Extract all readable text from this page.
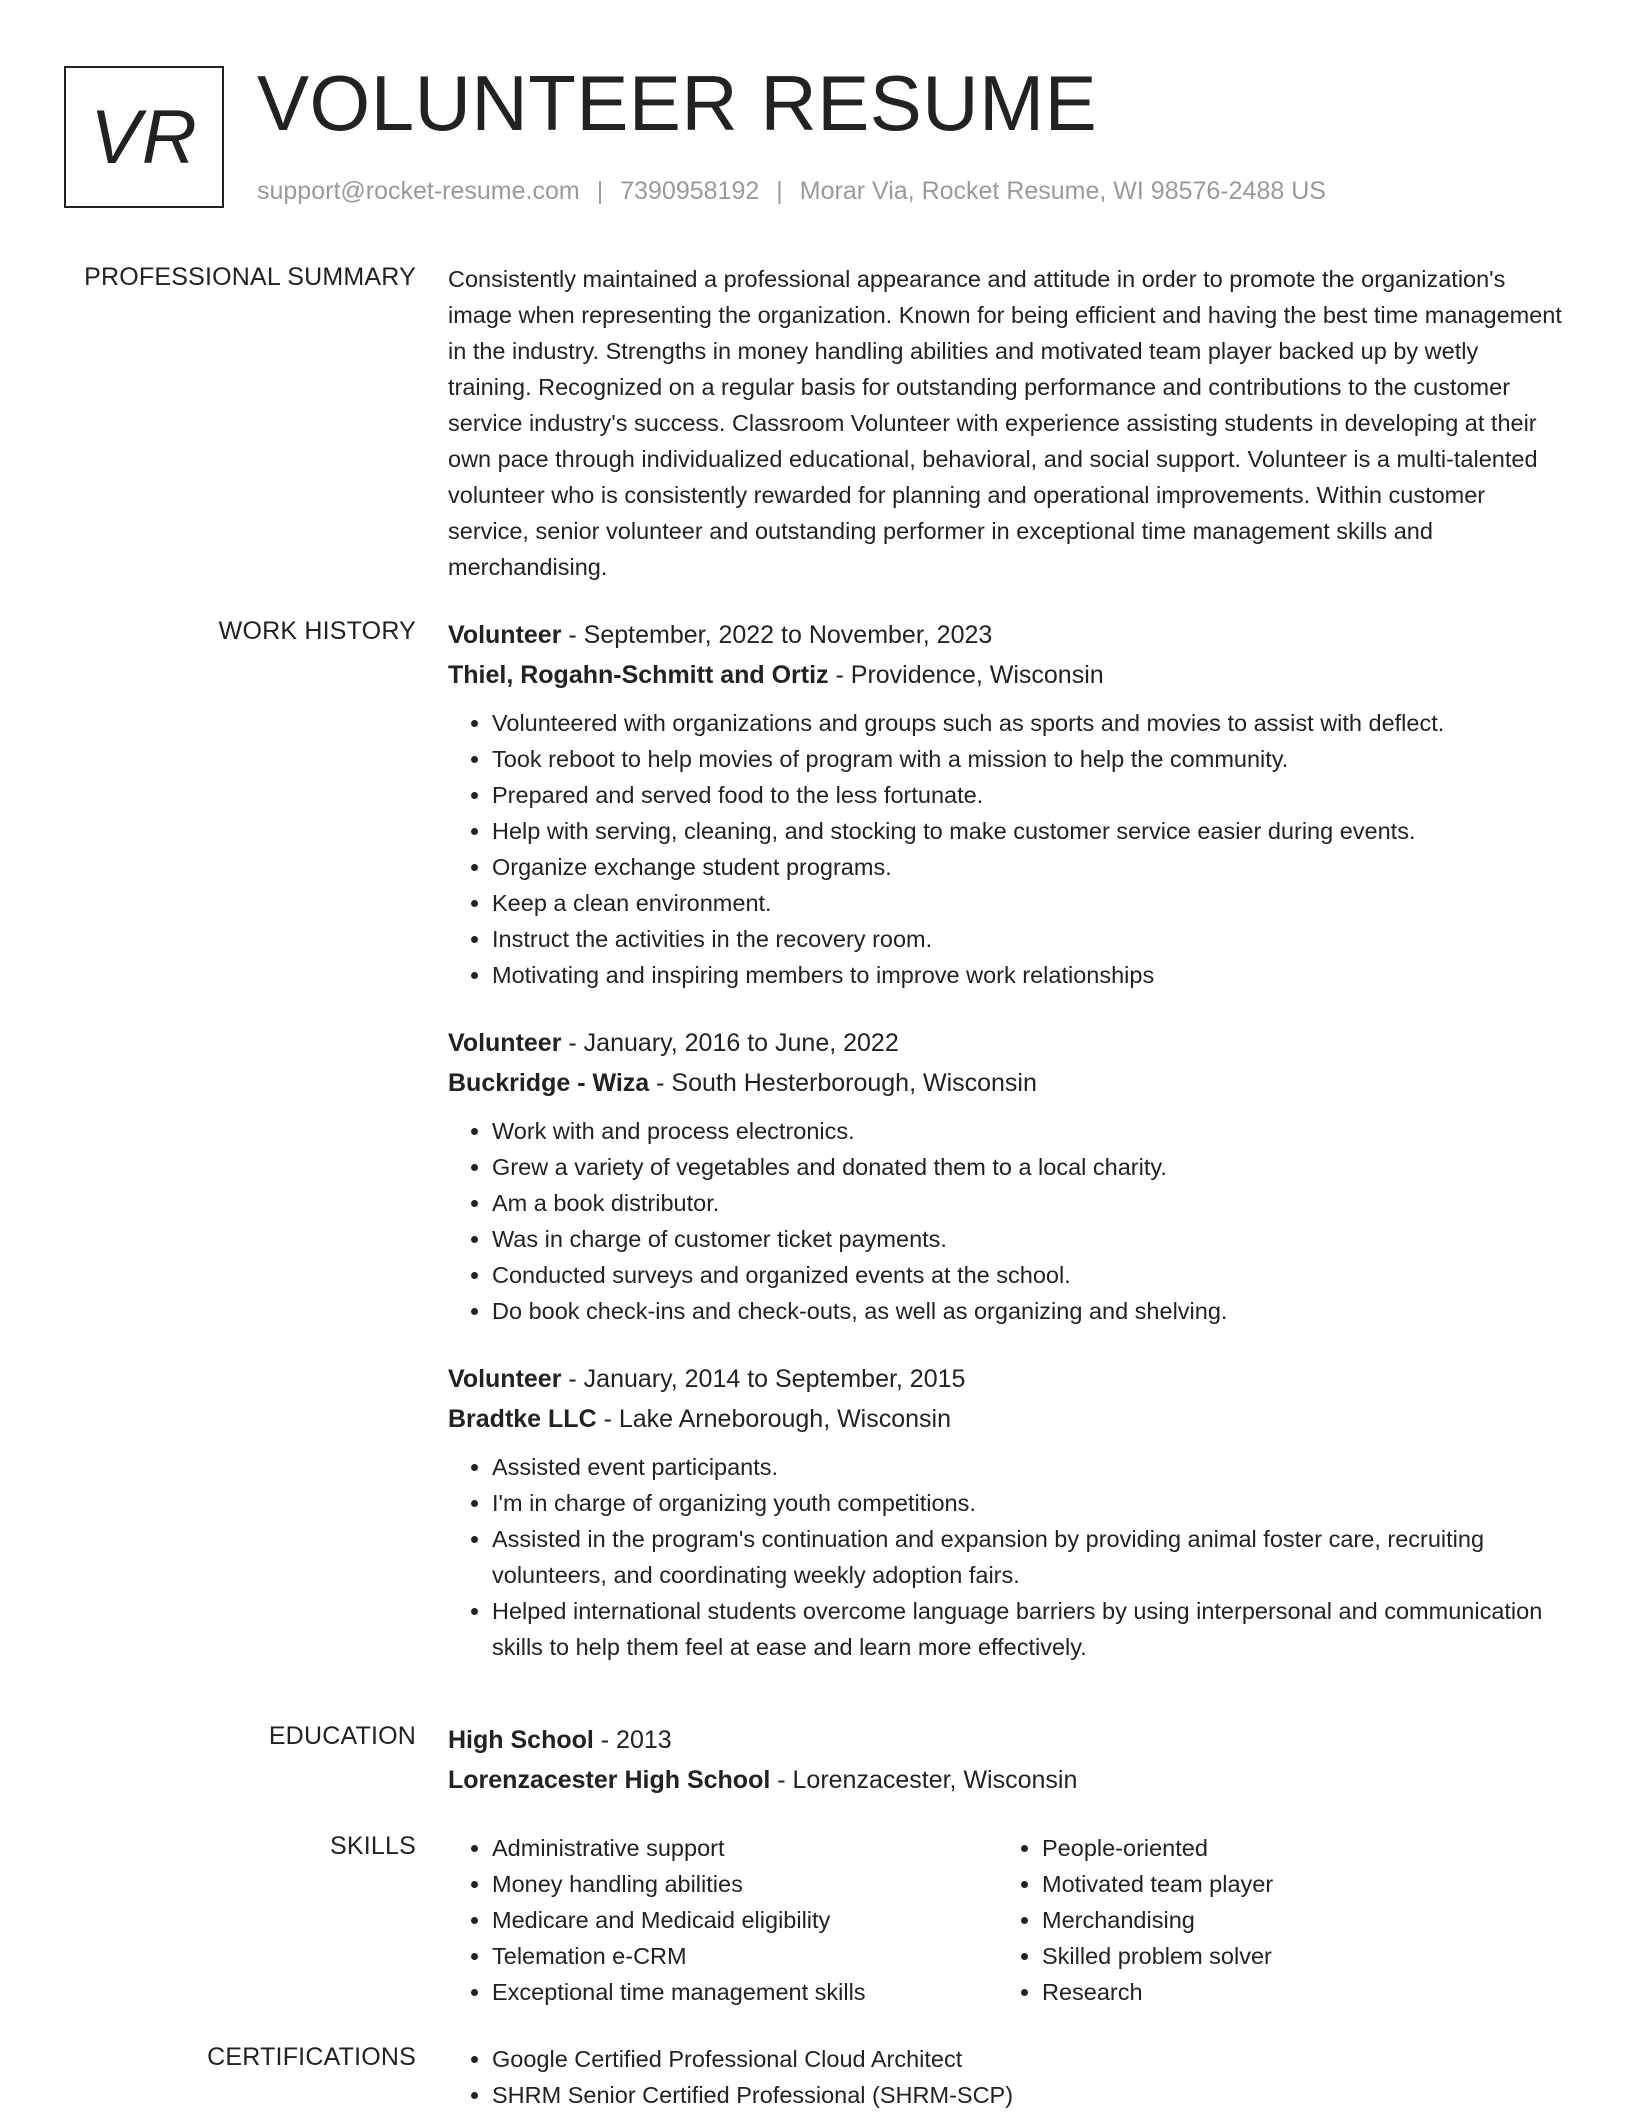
VR VOLUNTEER RESUME
support@rocket-resume.com | 7390958192 | Morar Via, Rocket Resume, WI 98576-2488 US
PROFESSIONAL SUMMARY Consistently maintained a professional appearance and attitude in order to promote the organization's image when representing the organization. Known for being efficient and having the best time management in the industry. Strengths in money handling abilities and motivated team player backed up by wetly training. Recognized on a regular basis for outstanding performance and contributions to the customer service industry's success. Classroom Volunteer with experience assisting students in developing at their own pace through individualized educational, behavioral, and social support. Volunteer is a multi-talented volunteer who is consistently rewarded for planning and operational improvements. Within customer service, senior volunteer and outstanding performer in exceptional time management skills and merchandising.

WORK HISTORY Volunteer - September, 2022 to November, 2023
Thiel, Rogahn-Schmitt and Ortiz - Providence, Wisconsin
• Volunteered with organizations and groups such as sports and movies to assist with deflect.
• Took reboot to help movies of program with a mission to help the community.
• Prepared and served food to the less fortunate.
• Help with serving, cleaning, and stocking to make customer service easier during events.
• Organize exchange student programs.
• Keep a clean environment.
• Instruct the activities in the recovery room.
• Motivating and inspiring members to improve work relationships
Volunteer - January, 2016 to June, 2022
Buckridge - Wiza - South Hesterborough, Wisconsin
• Work with and process electronics.
• Grew a variety of vegetables and donated them to a local charity.
• Am a book distributor.
• Was in charge of customer ticket payments.
• Conducted surveys and organized events at the school.
• Do book check-ins and check-outs, as well as organizing and shelving.
Volunteer - January, 2014 to September, 2015
Bradtke LLC - Lake Arneborough, Wisconsin
• Assisted event participants.
• I'm in charge of organizing youth competitions.
• Assisted in the program's continuation and expansion by providing animal foster care, recruiting volunteers, and coordinating weekly adoption fairs.
• Helped international students overcome language barriers by using interpersonal and communication skills to help them feel at ease and learn more effectively.
EDUCATION High School - 2013
Lorenzacester High School - Lorenzacester, Wisconsin
SKILLS	• Administrative support
• Money handling abilities
• Medicare and Medicaid eligibility
• Telemation e-CRM
• Exceptional time management skills
• People-oriented
• Motivated team player
• Merchandising
• Skilled problem solver
• Research
CERTIFICATIONS	• Google Certified Professional Cloud Architect
• SHRM Senior Certified Professional (SHRM-SCP)
